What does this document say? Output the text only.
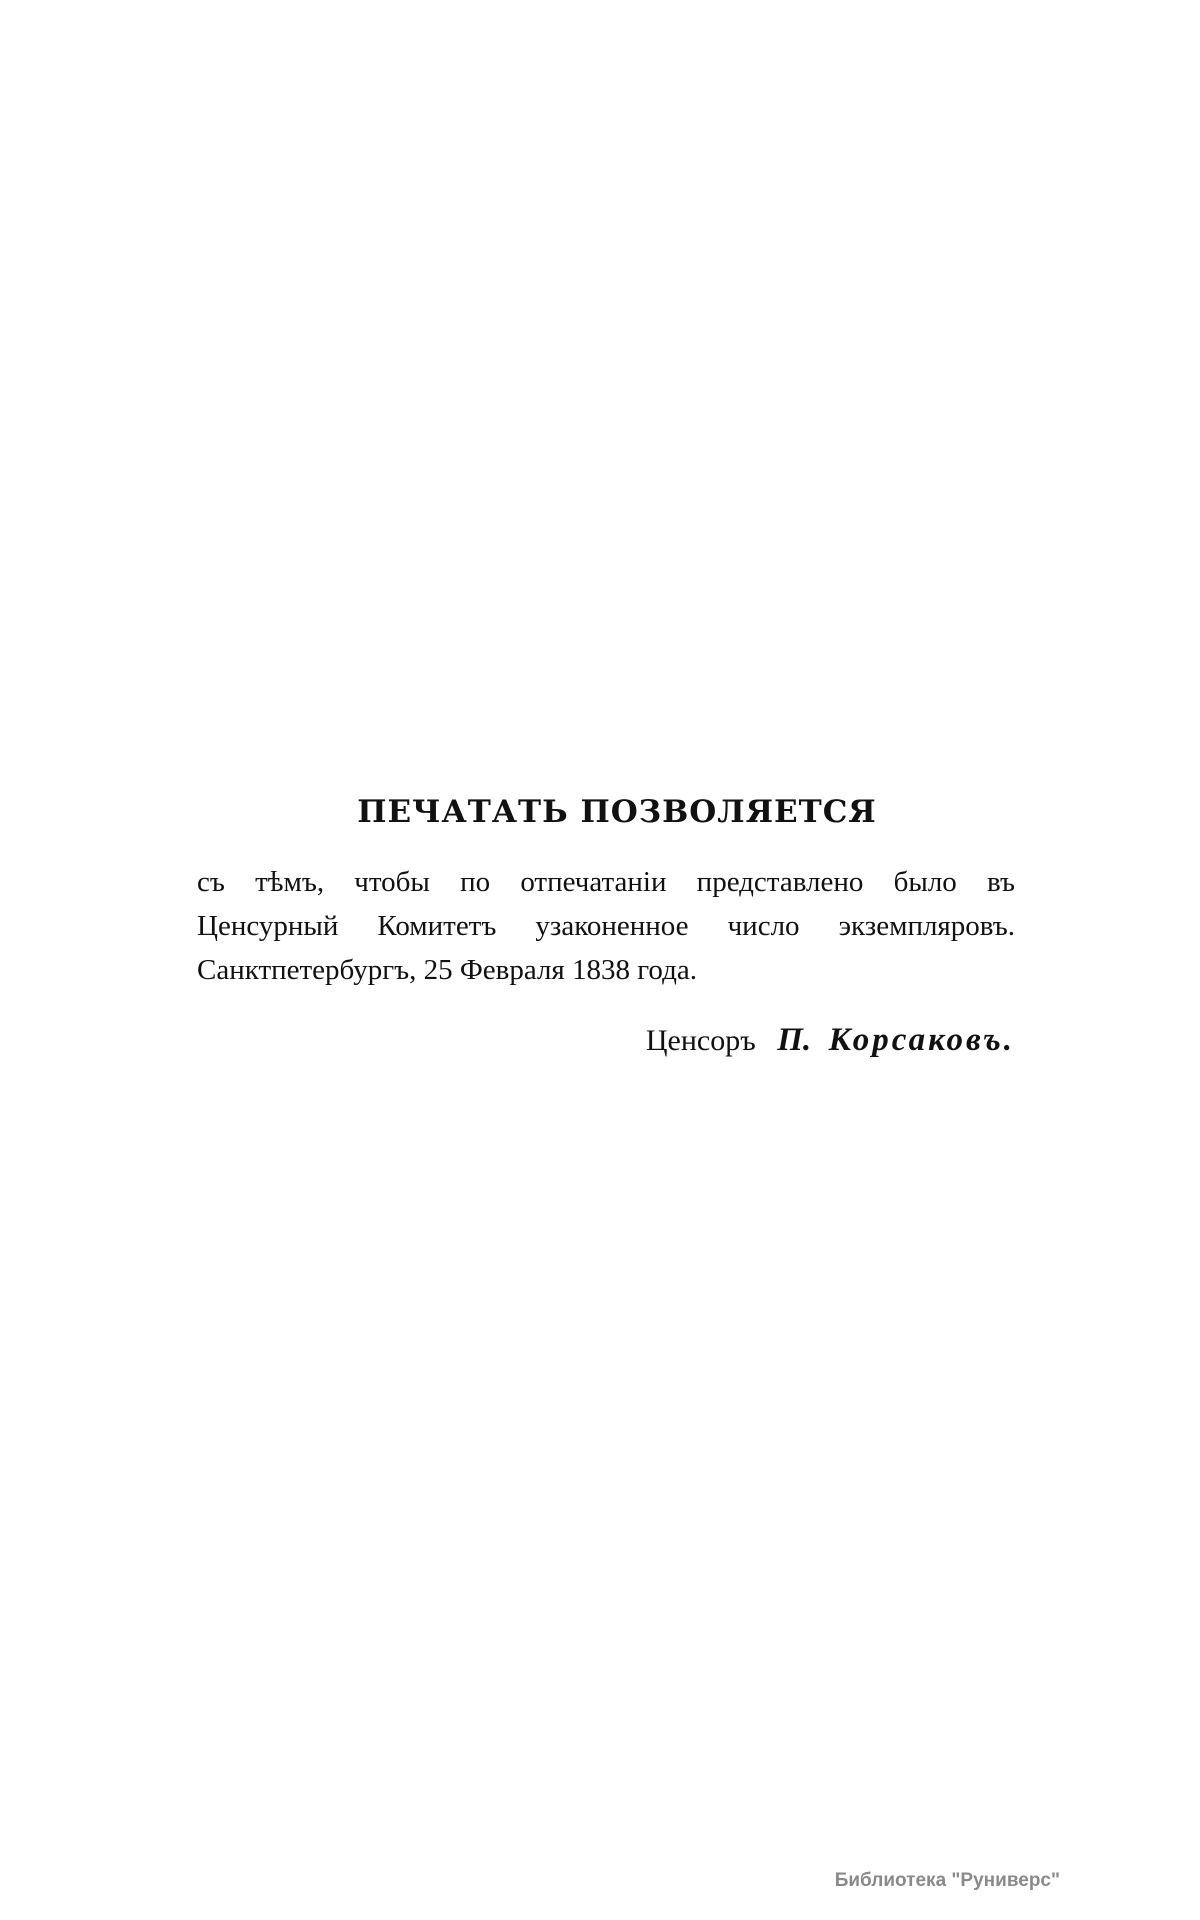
ПЕЧАТАТЬ ПОЗВОЛЯЕТСЯ
съ тѣмъ, чтобы по отпечатаніи представлено было въ
Ценсурный Комитетъ узаконенное число экземпляровъ.
Санктпетербургъ, 25 Февраля 1838 года.
Ценсоръ П. Корсаковъ.
Библиотека "Руниверс"
